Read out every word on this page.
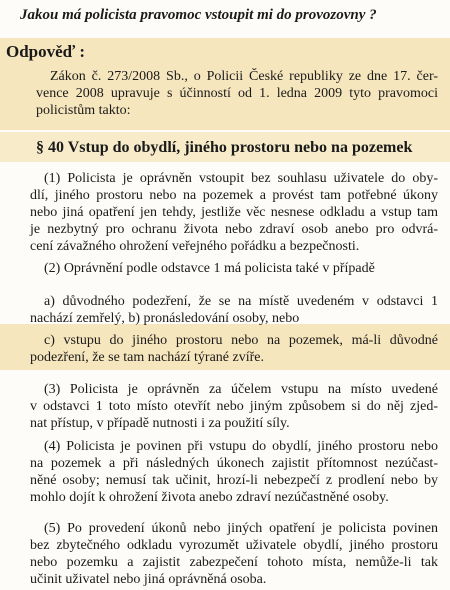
Jakou má policista pravomoc vstoupit mi do provozovny ?
Odpověď :
Zákon č. 273/2008 Sb., o Policii České republiky ze dne 17. čer-
vence 2008 upravuje s účinností od 1. ledna 2009 tyto pravomoci
policistům takto:
§ 40 Vstup do obydlí, jiného prostoru nebo na pozemek
(1) Policista je oprávněn vstoupit bez souhlasu uživatele do oby-
dlí, jiného prostoru nebo na pozemek a provést tam potřebné úkony
nebo jiná opatření jen tehdy, jestliže věc nesnese odkladu a vstup tam
je nezbytný pro ochranu života nebo zdraví osob anebo pro odvrá-
cení závažného ohrožení veřejného pořádku a bezpečnosti.
(2) Oprávnění podle odstavce 1 má policista také v případě
a) důvodného podezření, že se na místě uvedeném v odstavci 1
nachází zemřelý, b) pronásledování osoby, nebo
c) vstupu do jiného prostoru nebo na pozemek, má-li důvodné
podezření, že se tam nachází týrané zvíře.
(3) Policista je oprávněn za účelem vstupu na místo uvedené
v odstavci 1 toto místo otevřít nebo jiným způsobem si do něj zjed-
nat přístup, v případě nutnosti i za použití síly.
(4) Policista je povinen při vstupu do obydlí, jiného prostoru nebo
na pozemek a při následných úkonech zajistit přítomnost nezúčast-
něné osoby; nemusí tak učinit, hrozí-li nebezpečí z prodlení nebo by
mohlo dojít k ohrožení života anebo zdraví nezúčastněné osoby.
(5) Po provedení úkonů nebo jiných opatření je policista povinen
bez zbytečného odkladu vyrozumět uživatele obydlí, jiného prostoru
nebo pozemku a zajistit zabezpečení tohoto místa, nemůže-li tak
učinit uživatel nebo jiná oprávněná osoba.
